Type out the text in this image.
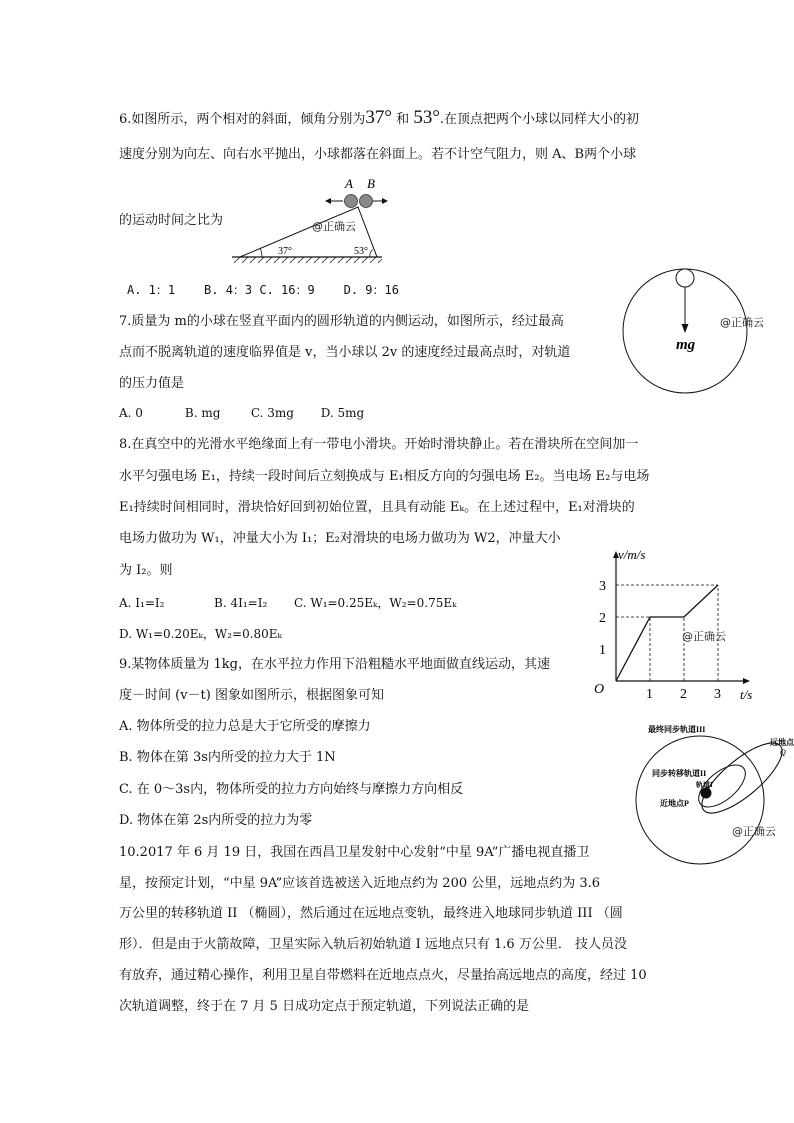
6.如图所示，两个相对的斜面，倾角分别为37° 和 53°.在顶点把两个小球以同样大小的初
速度分别为向左、向右水平抛出，小球都落在斜面上。若不计空气阻力，则 A、B两个小球
的运动时间之比为
A B
37°	53°
@正确云
A. 1：1    B. 4：3 C. 16：9    D. 9：16
7.质量为 m的小球在竖直平面内的圆形轨道的内侧运动，如图所示，经过最高
点而不脱离轨道的速度临界值是 v，当小球以 2v 的速度经过最高点时，对轨道
的压力值是
A. 0           B. mg        C. 3mg       D. 5mg
mg
@正确云
8.在真空中的光滑水平绝缘面上有一带电小滑块。开始时滑块静止。若在滑块所在空间加一
水平匀强电场 E₁，持续一段时间后立刻换成与 E₁相反方向的匀强电场 E₂。当电场 E₂与电场
E₁持续时间相同时，滑块恰好回到初始位置，且具有动能 Eₖ。在上述过程中，E₁对滑块的
电场力做功为 W₁，冲量大小为 I₁；E₂对滑块的电场力做功为 W2，冲量大小
为 I₂。则
A. I₁=I₂             B. 4I₁=I₂       C. W₁=0.25Eₖ，W₂=0.75Eₖ
D. W₁=0.20Eₖ，W₂=0.80Eₖ
1 2 3
1
2
3
O	t/s
v/m/s
@正确云
9.某物体质量为 1kg，在水平拉力作用下沿粗糙水平地面做直线运动，其速
度－时间 (v－t) 图象如图所示，根据图象可知
A. 物体所受的拉力总是大于它所受的摩擦力
B. 物体在第 3s内所受的拉力大于 1N
C. 在 0～3s内，物体所受的拉力方向始终与摩擦力方向相反
D. 物体在第 2s内所受的拉力为零
最终同步轨道III
远地点
Q
同步转移轨道II
轨道I
近地点P
@正确云
10.2017 年 6 月 19 日，我国在西昌卫星发射中心发射“中星 9A”广播电视直播卫
星，按预定计划，“中星 9A”应该首选被送入近地点约为 200 公里，远地点约为 3.6
万公里的转移轨道 II （椭圆），然后通过在远地点变轨，最终进入地球同步轨道 III （圆
形）．但是由于火箭故障，卫星实际入轨后初始轨道 I 远地点只有 1.6 万公里． 技人员没
有放弃，通过精心操作，利用卫星自带燃料在近地点点火，尽量抬高远地点的高度，经过 10
次轨道调整，终于在 7 月 5 日成功定点于预定轨道，下列说法正确的是
